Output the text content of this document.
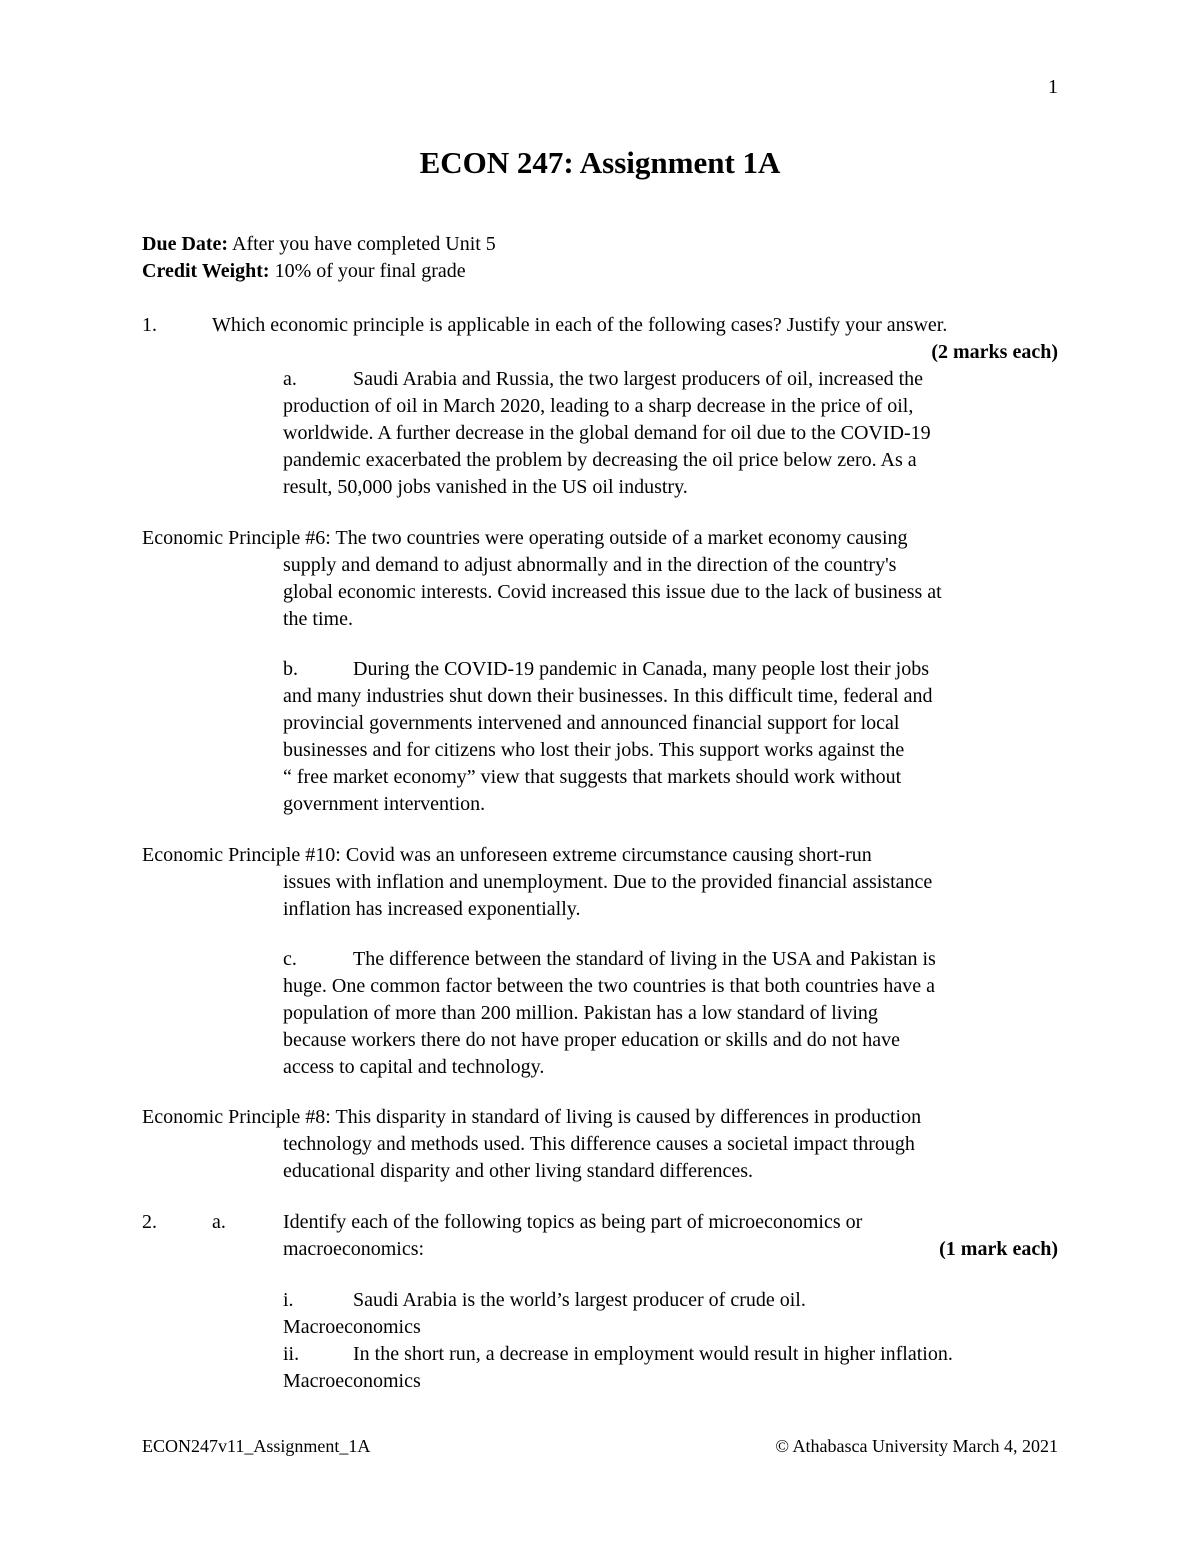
1
ECON 247: Assignment 1A
Due Date: After you have completed Unit 5
Credit Weight: 10% of your final grade
1.	Which economic principle is applicable in each of the following cases? Justify your answer.
(2 marks each)
a.	Saudi Arabia and Russia, the two largest producers of oil, increased the
production of oil in March 2020, leading to a sharp decrease in the price of oil,
worldwide. A further decrease in the global demand for oil due to the COVID-19
pandemic exacerbated the problem by decreasing the oil price below zero. As a
result, 50,000 jobs vanished in the US oil industry.
Economic Principle #6: The two countries were operating outside of a market economy causing
supply and demand to adjust abnormally and in the direction of the country's
global economic interests. Covid increased this issue due to the lack of business at
the time.
b.	During the COVID-19 pandemic in Canada, many people lost their jobs
and many industries shut down their businesses. In this difficult time, federal and
provincial governments intervened and announced financial support for local
businesses and for citizens who lost their jobs. This support works against the
“ free market economy” view that suggests that markets should work without
government intervention.
Economic Principle #10: Covid was an unforeseen extreme circumstance causing short-run
issues with inflation and unemployment. Due to the provided financial assistance
inflation has increased exponentially.
c.	The difference between the standard of living in the USA and Pakistan is
huge. One common factor between the two countries is that both countries have a
population of more than 200 million. Pakistan has a low standard of living
because workers there do not have proper education or skills and do not have
access to capital and technology.
Economic Principle #8: This disparity in standard of living is caused by differences in production
technology and methods used. This difference causes a societal impact through
educational disparity and other living standard differences.
2.	a.	Identify each of the following topics as being part of microeconomics or
macroeconomics:	(1 mark each)
i.	Saudi Arabia is the world’s largest producer of crude oil.
Macroeconomics
ii.	In the short run, a decrease in employment would result in higher inflation.
Macroeconomics
ECON247v11_Assignment_1A	© Athabasca University March 4, 2021
